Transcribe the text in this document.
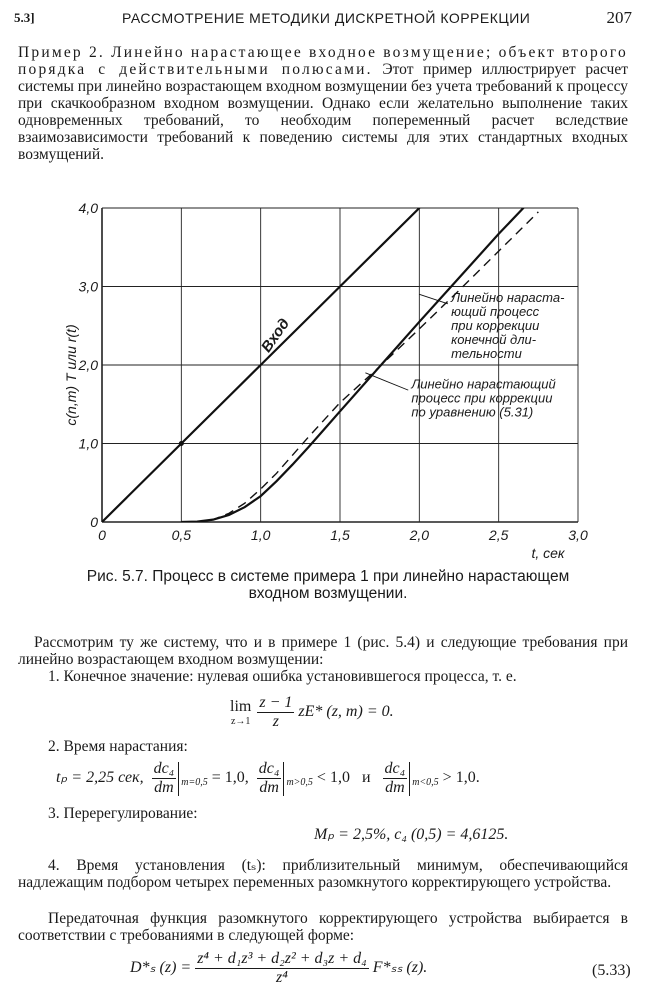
5.3]	РАССМОТРЕНИЕ МЕТОДИКИ ДИСКРЕТНОЙ КОРРЕКЦИИ	207

Пример 2. Линейно нарастающее входное возмущение; объект второго порядка с действительными полюсами. Этот пример иллюстрирует расчет системы при линейно возрастающем входном возмущении без учета требований к процессу при скачкообразном входном возмущении. Однако если желательно выполнение таких одновременных требований, то необходим попеременный расчет вследствие взаимозависимости требований к поведению системы для этих стандартных входных возмущений.

0	0,5	1,0	1,5	2,0	2,5	3,0
0
1,0
2,0
3,0
4,0
t, сек
c(n,m) Т или r(t)	Вход
Линейно нараста-ющий процесс при коррекции конечной дли-тельности
Линейно нарастающий процесс при коррекции по уравнению (5.31)
Рис. 5.7. Процесс в системе примера 1 при линейно нарастающем
входном возмущении.

Рассмотрим ту же систему, что и в примере 1 (рис. 5.4) и следующие требования при линейно возрастающем входном возмущении:

1. Конечное значение: нулевая ошибка установившегося процесса, т. е.
lim
z→1
$\frac{z - 1}{z} zE*$ (z, m) = 0.
2. Время нарастания:
tₚ = 2,25 сек, $\frac{\text{dc₄}}{dm} _{m=0,5} = 1,0$, $\frac{\text{dc₄}}{dm} _{m>0,5} < 1,0$ и $\frac{\text{dc₄}}{dm} _{m<0,5} > 1,0$.
3. Перерегулирование:
Mₚ = 2,5%, c₄ (0,5) = 4,6125.

4. Время установления (tₛ): приблизительный минимум, обеспечивающийся надлежащим подбором четырех переменных разомкнутого корректирующего устройства.

Передаточная функция разомкнутого корректирующего устройства выбирается в соответствии с требованиями в следующей форме:

D*ₛ $(z) = \frac{\text{z⁴ + d₁z³ + d₂z² + d₃z + d₄}}{\text{z⁴}} F*_{ss}$ (z).	(5.33)
